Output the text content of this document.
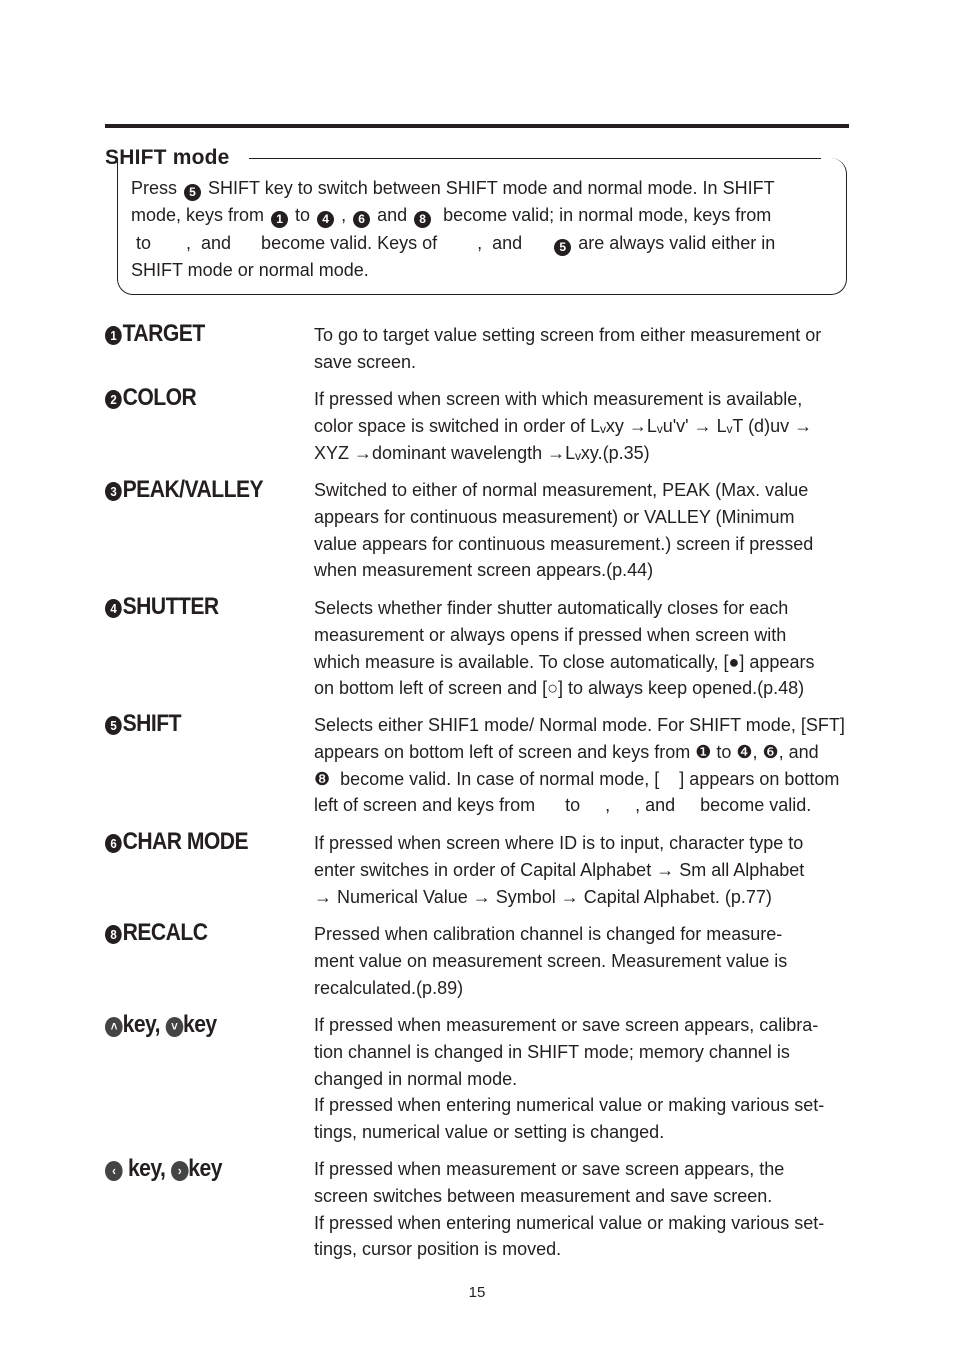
SHIFT mode
Press 5 SHIFT key to switch between SHIFT mode and normal mode. In SHIFT
mode, keys from 1 to 4 , 6 and 8  become valid; in normal mode, keys from
to       ,  and      become valid. Keys of        ,  and      5 are always valid either in
SHIFT mode or normal mode.
1 TARGET	To go to target value setting screen from either measurement or
save screen.
2 COLOR	If pressed when screen with which measurement is available,
color space is switched in order of Lᵥxy →Lᵥu'v' → LᵥT (d)uv →
XYZ →dominant wavelength →Lᵥxy.(p.35)
3 PEAK/VALLEY	Switched to either of normal measurement, PEAK (Max. value
appears for continuous measurement) or VALLEY (Minimum
value appears for continuous measurement.) screen if pressed
when measurement screen appears.(p.44)
4 SHUTTER	Selects whether finder shutter automatically closes for each
measurement or always opens if pressed when screen with
which measure is available. To close automatically, [●] appears
on bottom left of screen and [○] to always keep opened.(p.48)
5 SHIFT	Selects either SHIF1 mode/ Normal mode. For SHIFT mode, [SFT]
appears on bottom left of screen and keys from ❶ to ❹, ❻, and
❽  become valid. In case of normal mode, [    ] appears on bottom
left of screen and keys from      to     ,     , and     become valid.
6 CHAR MODE	If pressed when screen where ID is to input, character type to
enter switches in order of Capital Alphabet → Sm all Alphabet
→ Numerical Value → Symbol → Capital Alphabet. (p.77)
8 RECALC	Pressed when calibration channel is changed for measure-
ment value on measurement screen. Measurement value is
recalculated.(p.89)
˄ key, ˅ key	If pressed when measurement or save screen appears, calibra-
tion channel is changed in SHIFT mode; memory channel is
changed in normal mode.
If pressed when entering numerical value or making various set-
tings, numerical value or setting is changed.
‹ key, › key	If pressed when measurement or save screen appears, the
screen switches between measurement and save screen.
If pressed when entering numerical value or making various set-
tings, cursor position is moved.
15
